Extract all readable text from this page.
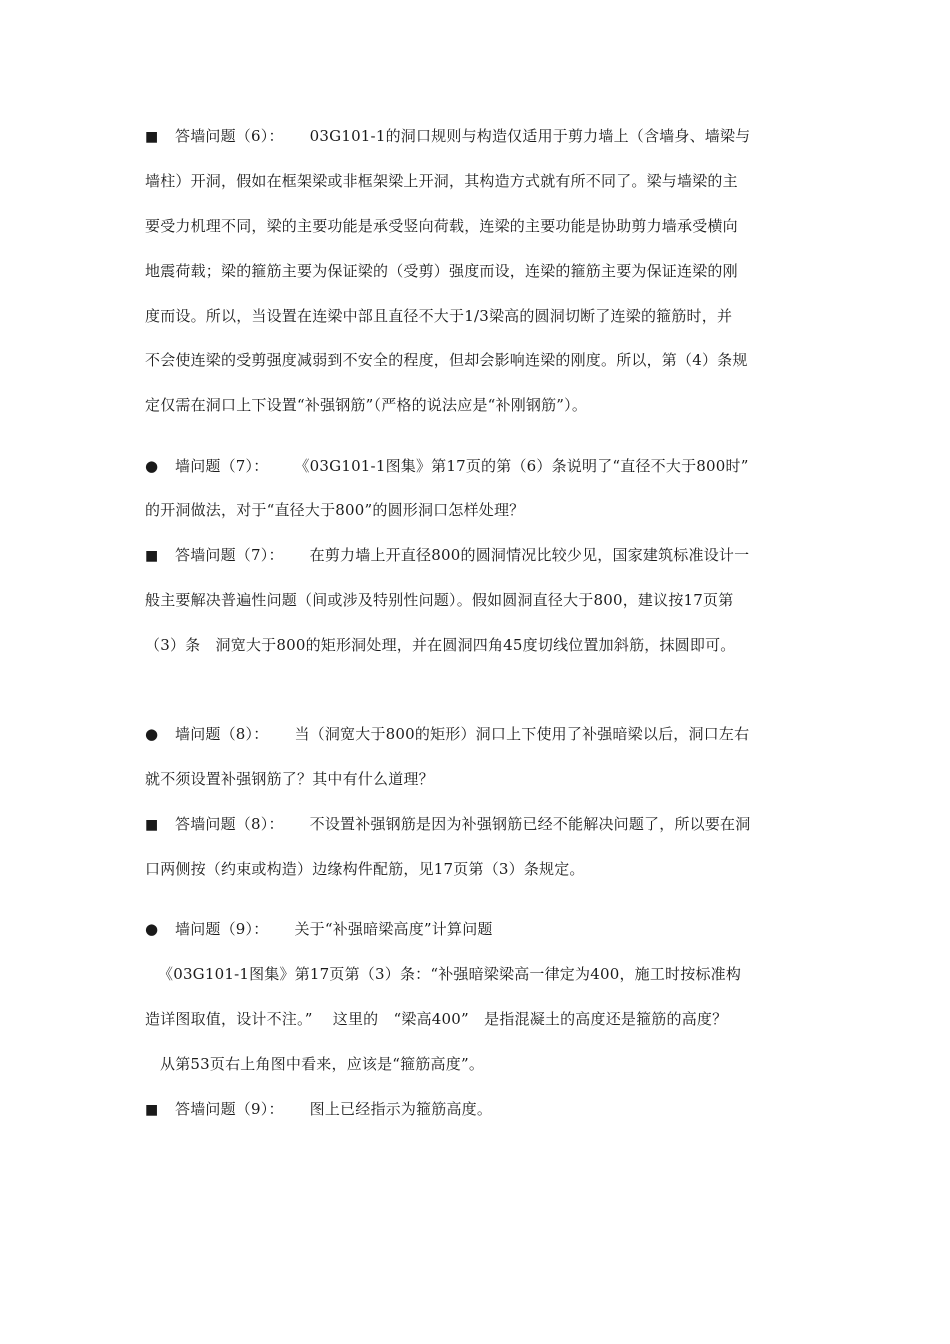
■ 答墙问题（6）： 03G101-1的洞口规则与构造仅适用于剪力墙上（含墙身、墙梁与
墙柱）开洞，假如在框架梁或非框架梁上开洞，其构造方式就有所不同了。梁与墙梁的主
要受力机理不同，梁的主要功能是承受竖向荷载，连梁的主要功能是协助剪力墙承受横向
地震荷载；梁的箍筋主要为保证梁的（受剪）强度而设，连梁的箍筋主要为保证连梁的刚
度而设。所以，当设置在连梁中部且直径不大于1/3梁高的圆洞切断了连梁的箍筋时，并
不会使连梁的受剪强度减弱到不安全的程度，但却会影响连梁的刚度。所以，第（4）条规
定仅需在洞口上下设置“补强钢筋”（严格的说法应是“补刚钢筋”）。
● 墙问题（7）： 《03G101-1图集》第17页的第（6）条说明了“直径不大于800时”
的开洞做法，对于“直径大于800”的圆形洞口怎样处理？
■ 答墙问题（7）： 在剪力墙上开直径800的圆洞情况比较少见，国家建筑标准设计一
般主要解决普遍性问题（间或涉及特别性问题）。假如圆洞直径大于800，建议按17页第
（3）条　洞宽大于800的矩形洞处理，并在圆洞四角45度切线位置加斜筋，抹圆即可。
● 墙问题（8）： 当（洞宽大于800的矩形）洞口上下使用了补强暗梁以后，洞口左右
就不须设置补强钢筋了？其中有什么道理？
■ 答墙问题（8）： 不设置补强钢筋是因为补强钢筋已经不能解决问题了，所以要在洞
口两侧按（约束或构造）边缘构件配筋，见17页第（3）条规定。
● 墙问题（9）： 关于“补强暗梁高度”计算问题
《03G101-1图集》第17页第（3）条：“补强暗梁梁高一律定为400，施工时按标准构
造详图取值，设计不注。”　 这里的　“梁高400”　是指混凝土的高度还是箍筋的高度？
从第53页右上角图中看来，应该是“箍筋高度”。
■ 答墙问题（9）： 图上已经指示为箍筋高度。
